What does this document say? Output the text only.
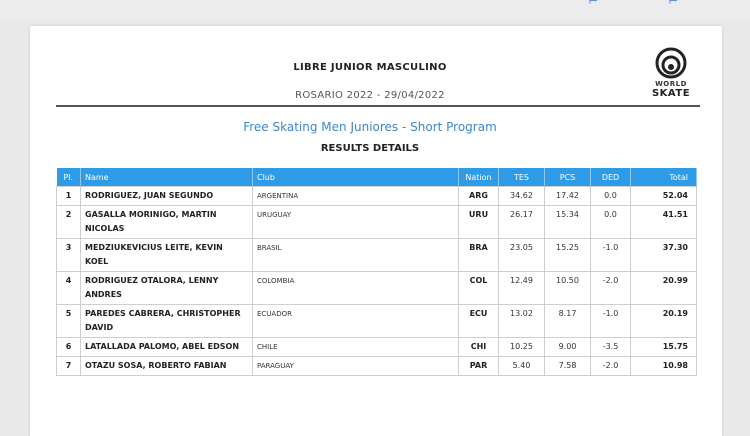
⌐	⌐
LIBRE JUNIOR MASCULINO
ROSARIO 2022 - 29/04/2022
WORLD
SKATE
Free Skating Men Juniores - Short Program
RESULTS DETAILS
Pl.	Name	Club	Nation	TES	PCS	DED	Total
1	RODRIGUEZ, JUAN SEGUNDO	ARGENTINA	ARG	34.62	17.42	0.0	52.04
2	GASALLA MORINIGO, MARTIN NICOLAS	URUGUAY	URU	26.17	15.34	0.0	41.51
3	MEDZIUKEVICIUS LEITE, KEVIN KOEL	BRASIL	BRA	23.05	15.25	-1.0	37.30
4	RODRIGUEZ OTALORA, LENNY ANDRES	COLOMBIA	COL	12.49	10.50	-2.0	20.99
5	PAREDES CABRERA, CHRISTOPHER DAVID	ECUADOR	ECU	13.02	8.17	-1.0	20.19
6	LATALLADA PALOMO, ABEL EDSON	CHILE	CHI	10.25	9.00	-3.5	15.75
7	OTAZU SOSA, ROBERTO FABIAN	PARAGUAY	PAR	5.40	7.58	-2.0	10.98
